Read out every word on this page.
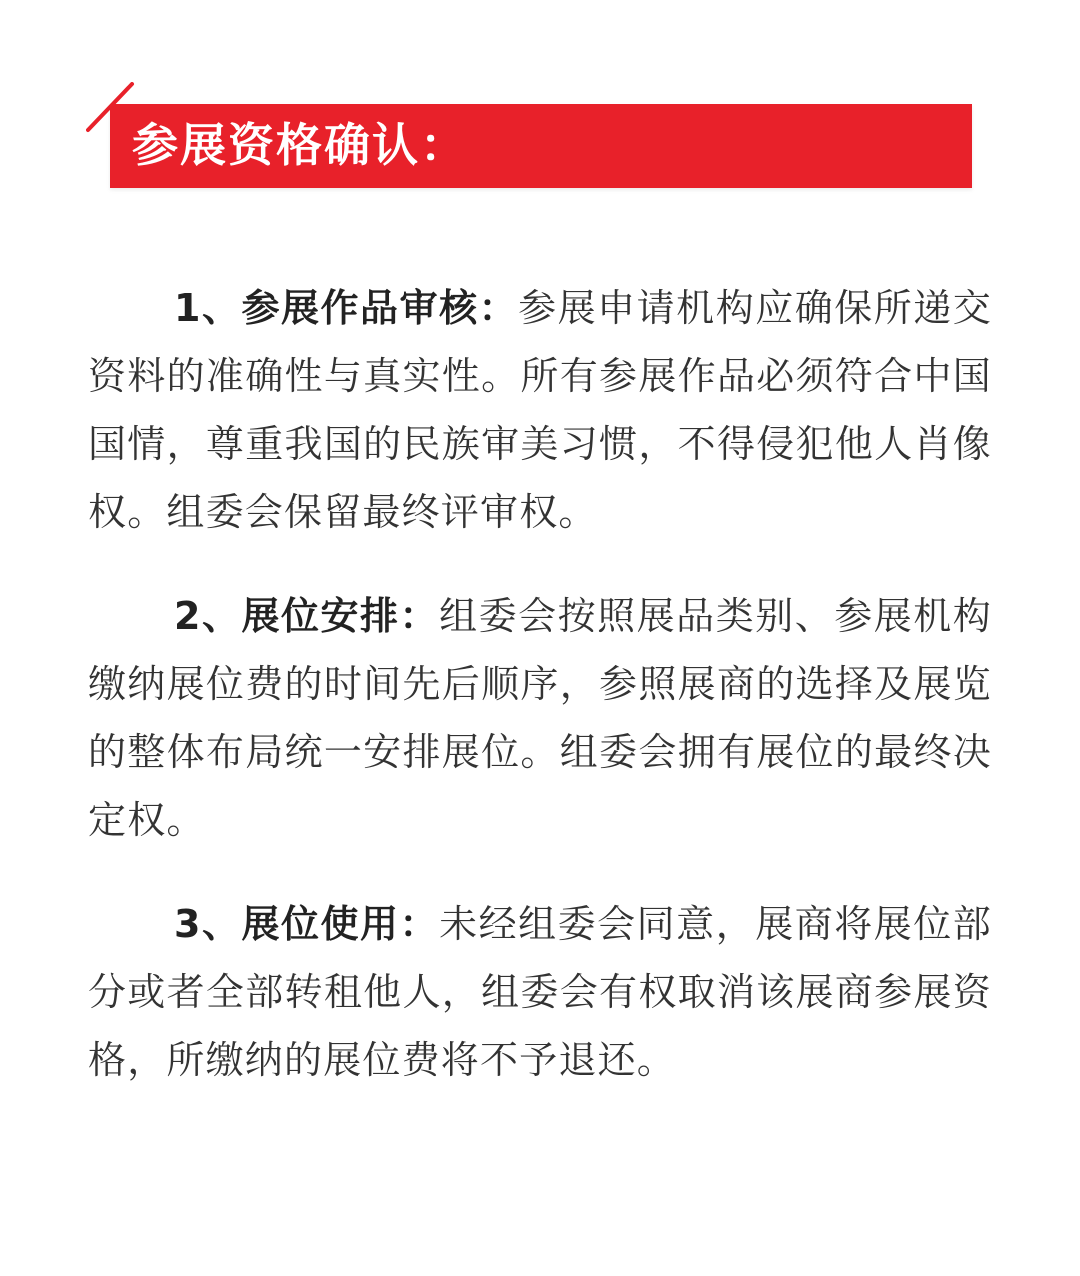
参展资格确认：

1、参展作品审核：参展申请机构应确保所递交资料的准确性与真实性。所有参展作品必须符合中国国情，尊重我国的民族审美习惯，不得侵犯他人肖像权。组委会保留最终评审权。

2、展位安排：组委会按照展品类别、参展机构缴纳展位费的时间先后顺序，参照展商的选择及展览的整体布局统一安排展位。组委会拥有展位的最终决定权。

3、展位使用：未经组委会同意，展商将展位部分或者全部转租他人，组委会有权取消该展商参展资格，所缴纳的展位费将不予退还。
